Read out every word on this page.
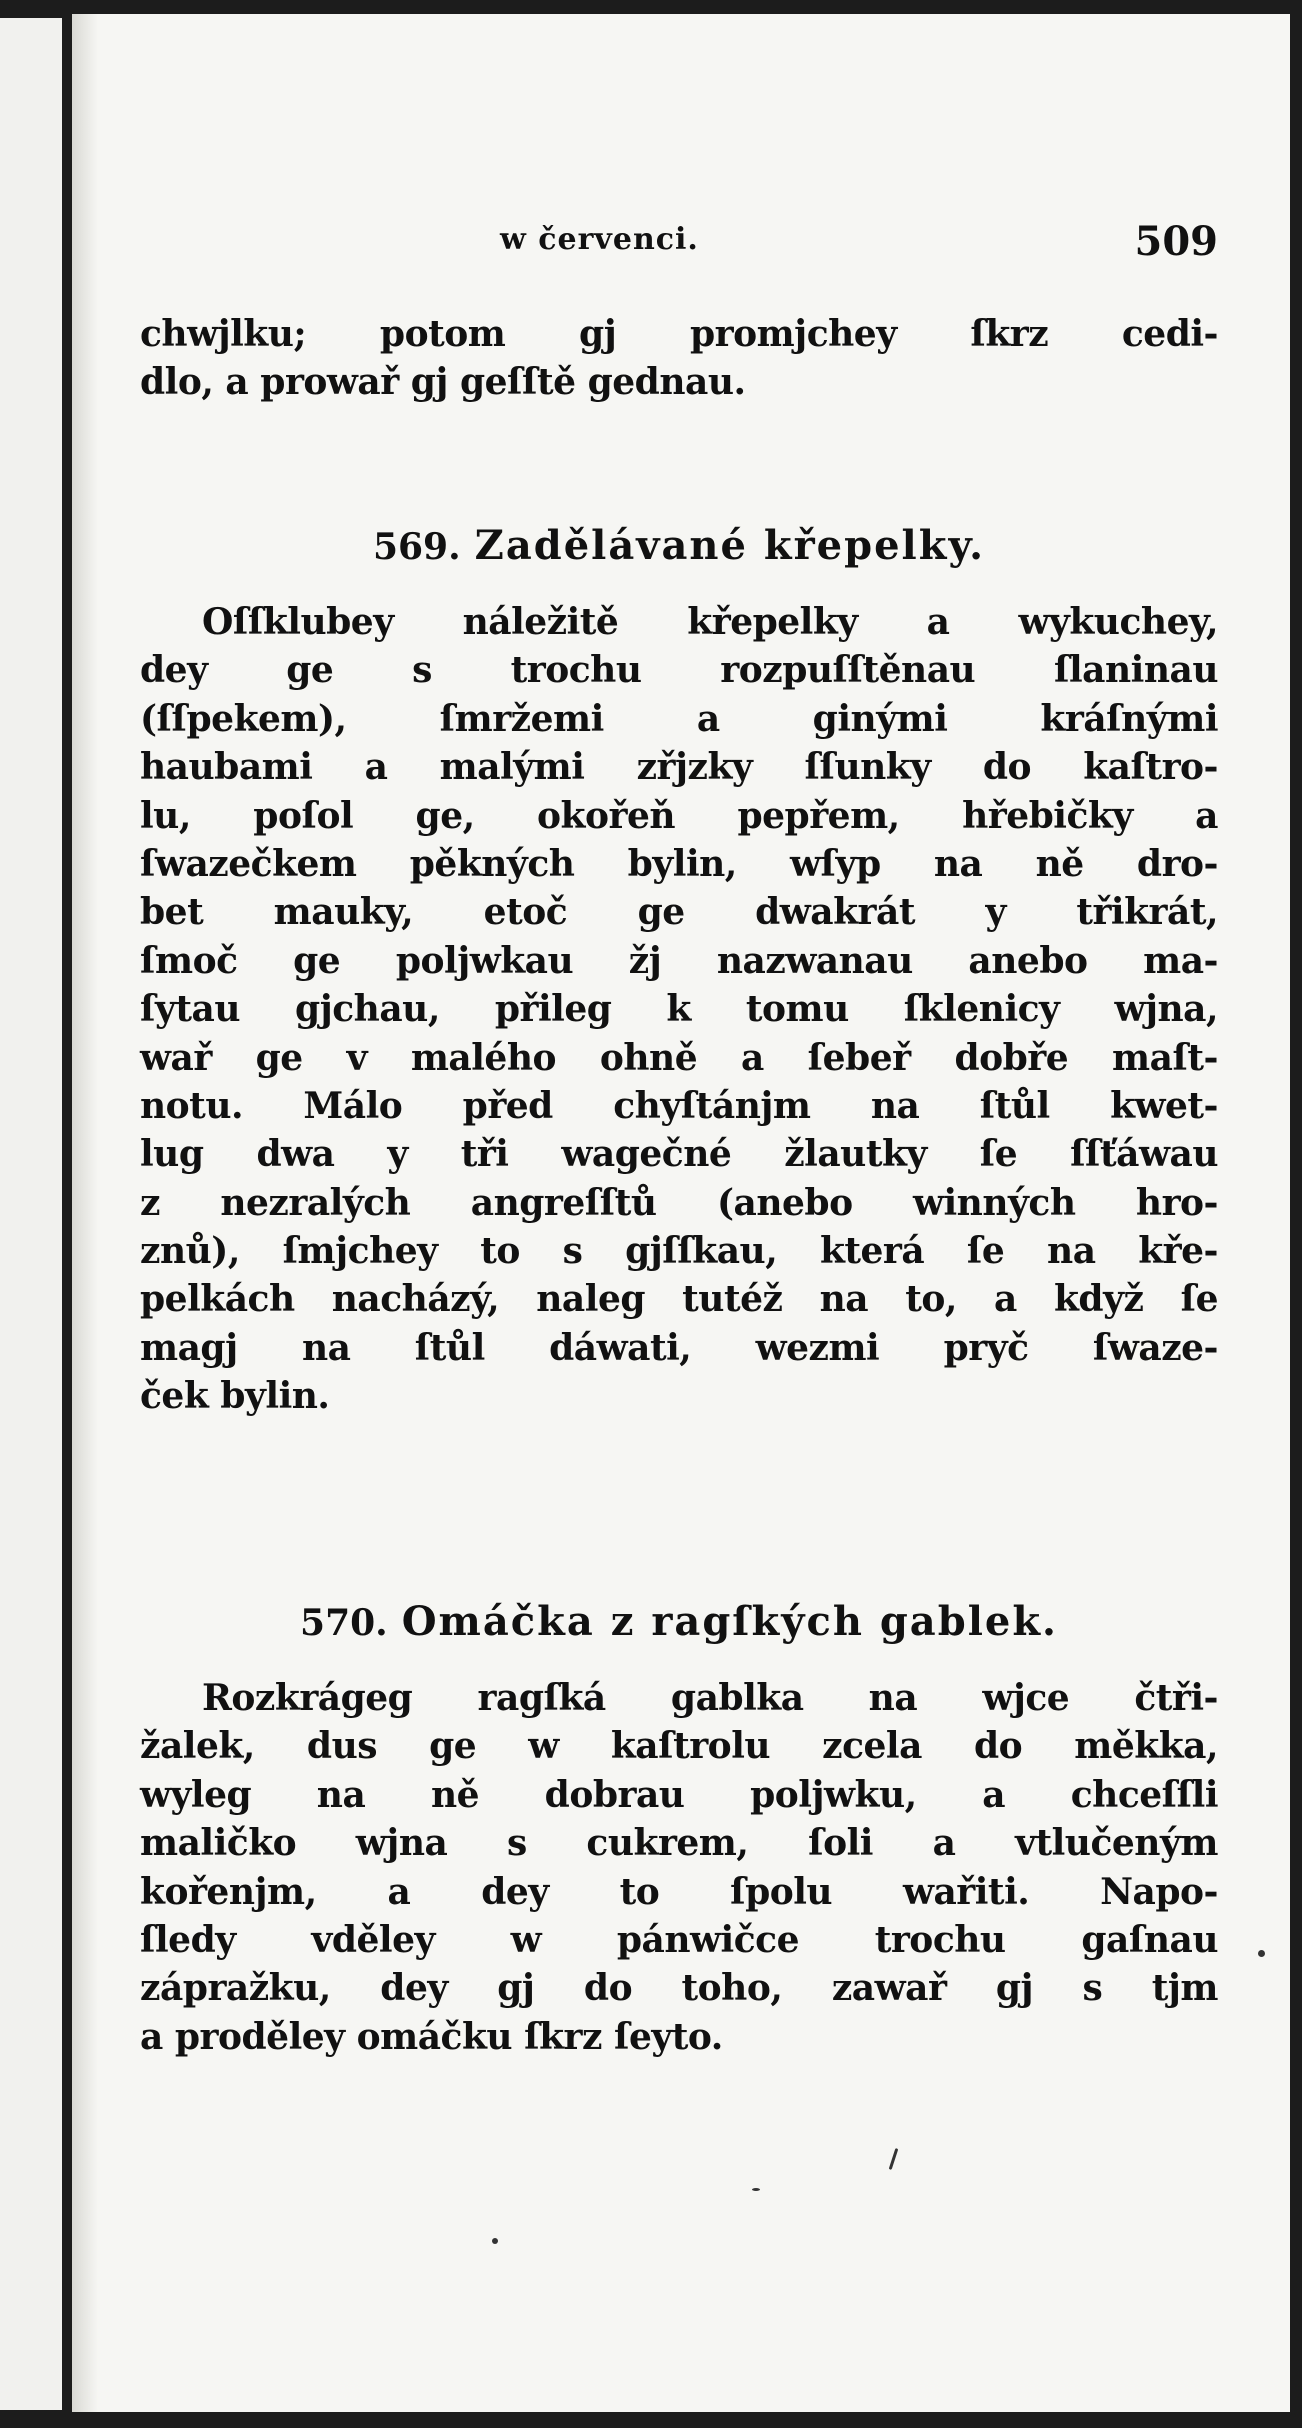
w červenci.	509
chwjlku; potom gj promjchey ſkrz cedi-
dlo, a prowař gj geſſtě gednau.
569. Zadělávané křepelky.
Oſſklubey náležitě křepelky a wykuchey,
dey ge s trochu rozpuſſtěnau ſlaninau
(ſſpekem), ſmržemi a ginými kráſnými
haubami a malými zřjzky ſſunky do kaſtro-
lu, poſol ge, okořeň pepřem, hřebičky a
ſwazečkem pěkných bylin, wſyp na ně dro-
bet mauky, etoč ge dwakrát y třikrát,
ſmoč ge poljwkau žj nazwanau anebo ma-
ſytau gjchau, přileg k tomu ſklenicy wjna,
wař ge v malého ohně a ſebeř dobře maſt-
notu. Málo před chyſtánjm na ſtůl kwet-
lug dwa y tři wagečné žlautky ſe ſſťáwau
z nezralých angreſſtů (anebo winných hro-
znů), ſmjchey to s gjſſkau, která ſe na kře-
pelkách nacházý, naleg tutéž na to, a když ſe
magj na ſtůl dáwati, wezmi pryč ſwaze-
ček bylin.
570. Omáčka z ragſkých gablek.
Rozkrágeg ragſká gablka na wjce čtři-
žalek, dus ge w kaſtrolu zcela do měkka,
wyleg na ně dobrau poljwku, a chceſſli
maličko wjna s cukrem, ſoli a vtlučeným
kořenjm, a dey to ſpolu wařiti. Napo-
ſledy vděley w pánwičce trochu gaſnau
zápražku, dey gj do toho, zawař gj s tjm
a proděley omáčku ſkrz ſeyto.
